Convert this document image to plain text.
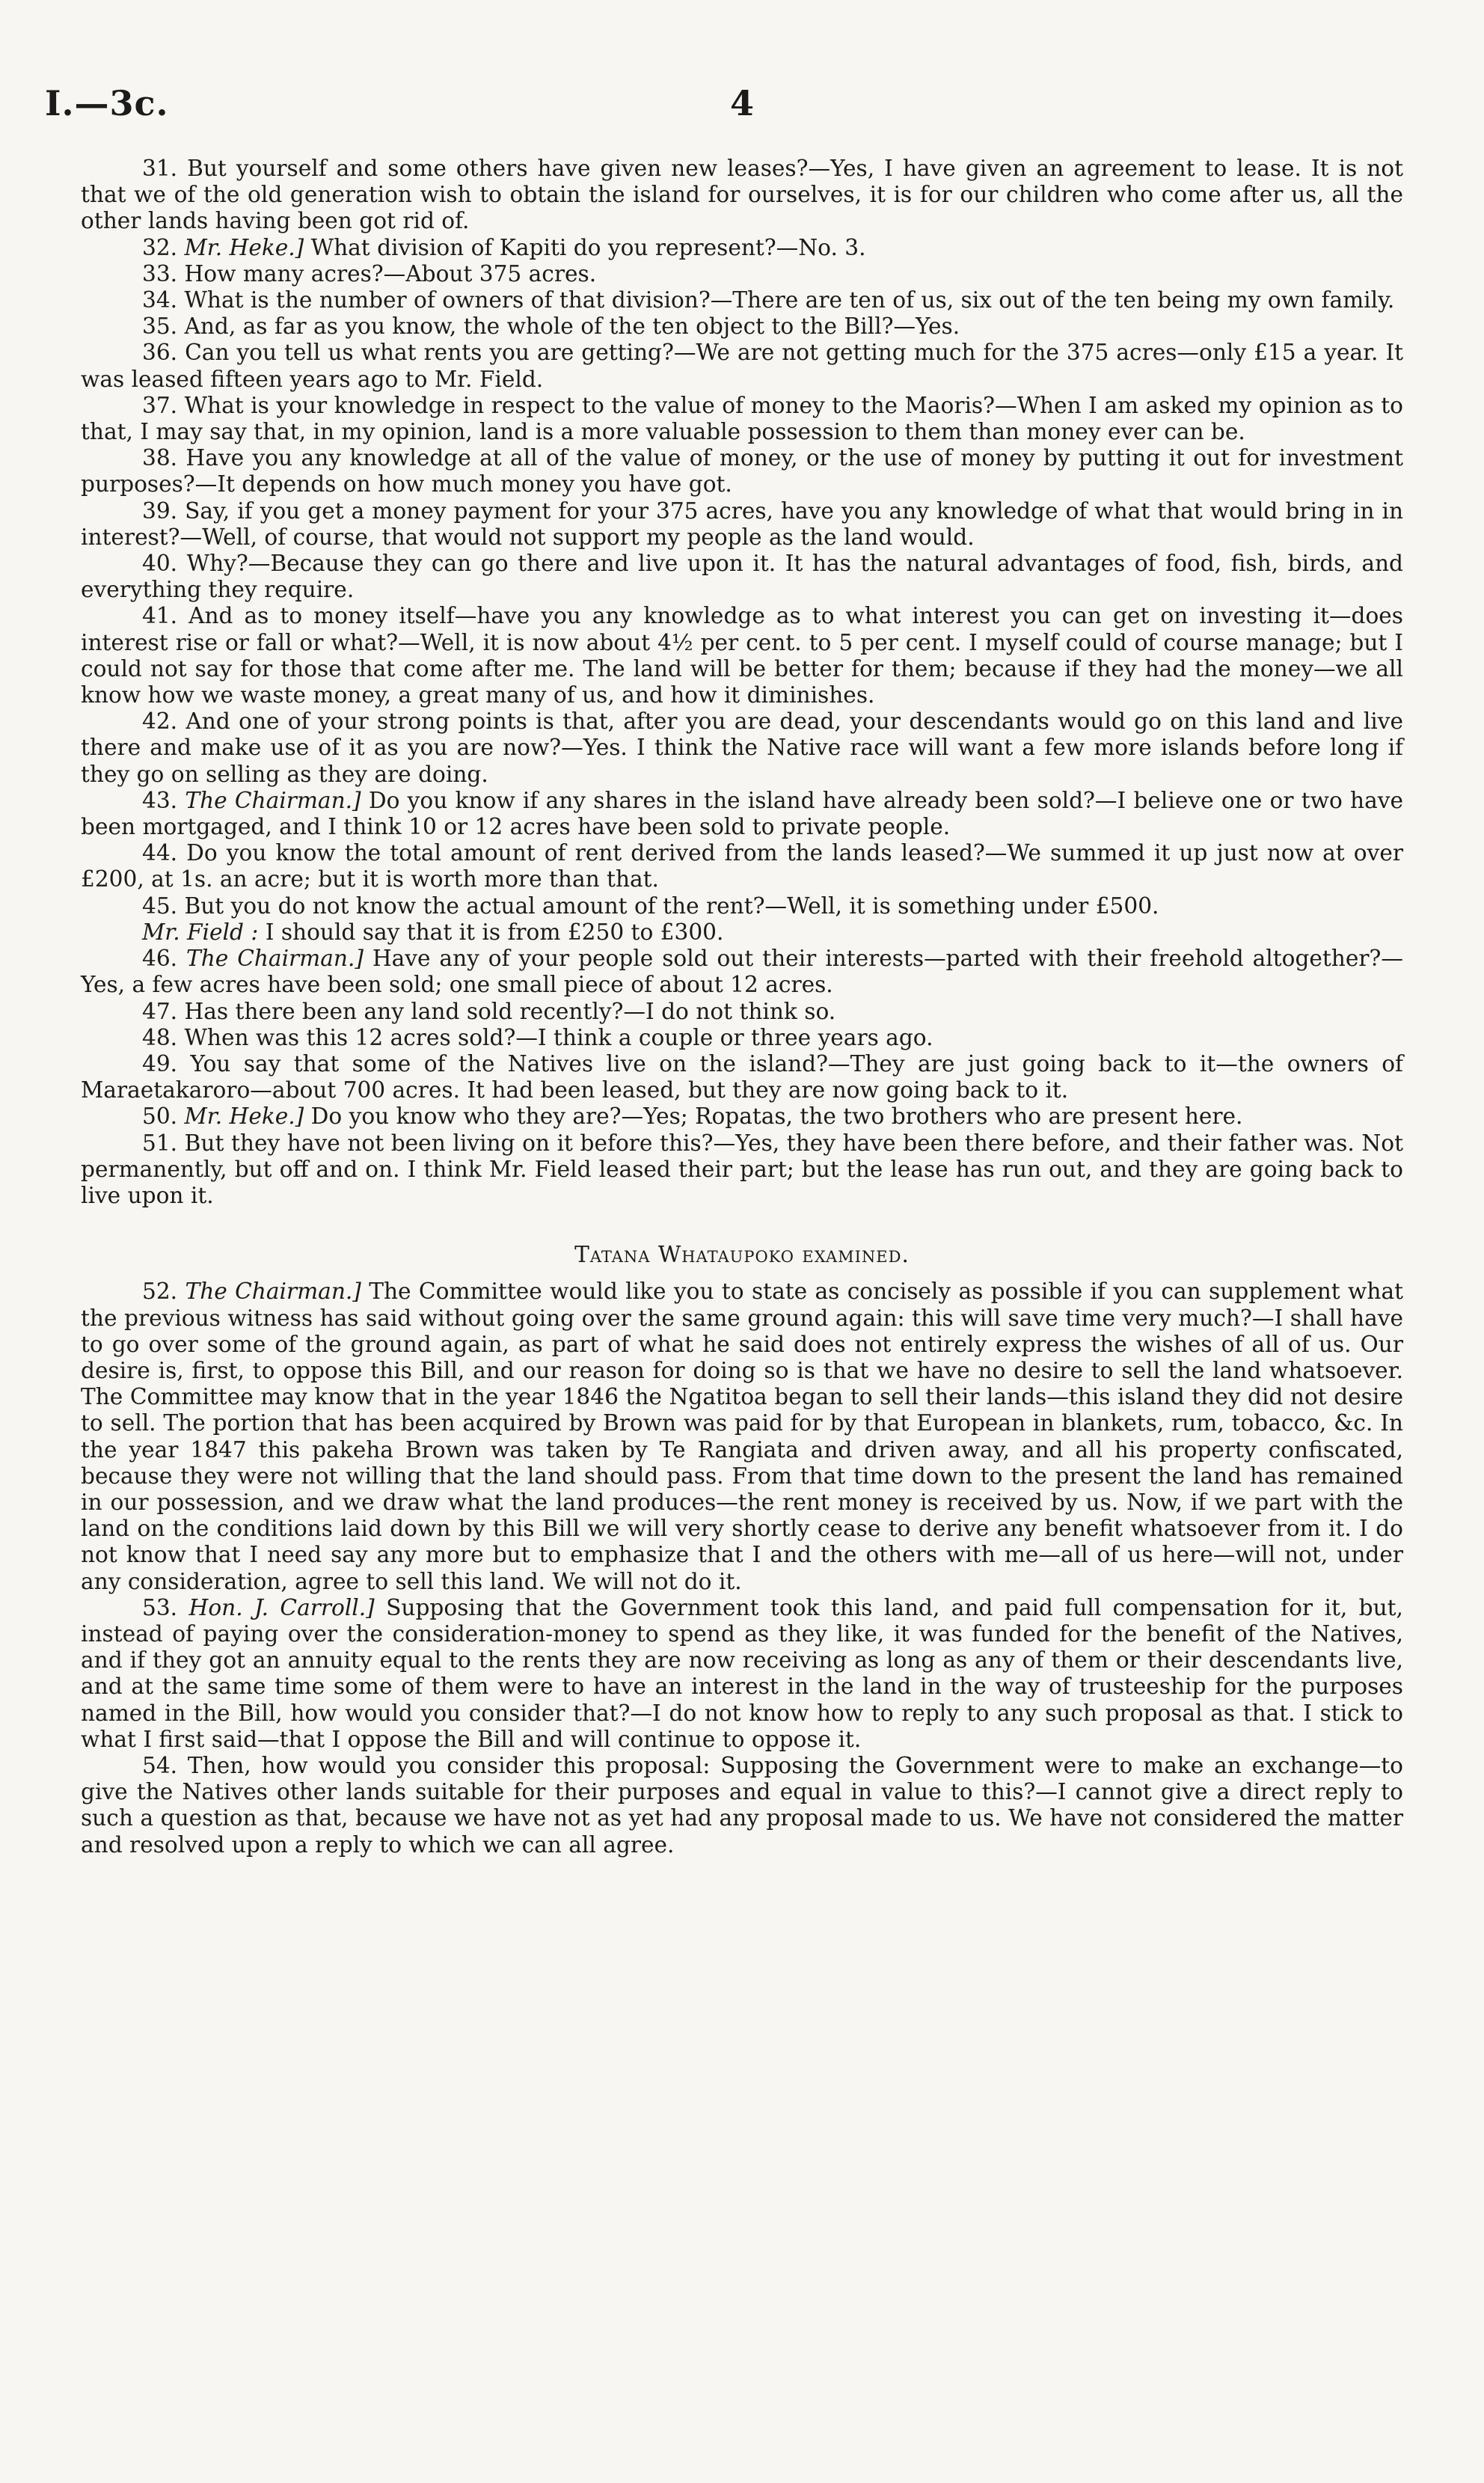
I.—3c.	4

31. But yourself and some others have given new leases?—Yes, I have given an agreement to lease. It is not that we of the old generation wish to obtain the island for ourselves, it is for our children who come after us, all the other lands having been got rid of.

32. Mr. Heke.] What division of Kapiti do you represent?—No. 3.

33. How many acres?—About 375 acres.

34. What is the number of owners of that division?—There are ten of us, six out of the ten being my own family.

35. And, as far as you know, the whole of the ten object to the Bill?—Yes.

36. Can you tell us what rents you are getting?—We are not getting much for the 375 acres—only £15 a year. It was leased fifteen years ago to Mr. Field.

37. What is your knowledge in respect to the value of money to the Maoris?—When I am asked my opinion as to that, I may say that, in my opinion, land is a more valuable possession to them than money ever can be.

38. Have you any knowledge at all of the value of money, or the use of money by putting it out for investment purposes?—It depends on how much money you have got.

39. Say, if you get a money payment for your 375 acres, have you any knowledge of what that would bring in in interest?—Well, of course, that would not support my people as the land would.

40. Why?—Because they can go there and live upon it. It has the natural advantages of food, fish, birds, and everything they require.

41. And as to money itself—have you any knowledge as to what interest you can get on investing it—does interest rise or fall or what?—Well, it is now about 4½ per cent. to 5 per cent. I myself could of course manage; but I could not say for those that come after me. The land will be better for them; because if they had the money—we all know how we waste money, a great many of us, and how it diminishes.

42. And one of your strong points is that, after you are dead, your descendants would go on this land and live there and make use of it as you are now?—Yes. I think the Native race will want a few more islands before long if they go on selling as they are doing.

43. The Chairman.] Do you know if any shares in the island have already been sold?—I believe one or two have been mortgaged, and I think 10 or 12 acres have been sold to private people.

44. Do you know the total amount of rent derived from the lands leased?—We summed it up just now at over £200, at 1s. an acre; but it is worth more than that.

45. But you do not know the actual amount of the rent?—Well, it is something under £500.

Mr. Field : I should say that it is from £250 to £300.

46. The Chairman.] Have any of your people sold out their interests—parted with their freehold altogether?—Yes, a few acres have been sold; one small piece of about 12 acres.

47. Has there been any land sold recently?—I do not think so.

48. When was this 12 acres sold?—I think a couple or three years ago.

49. You say that some of the Natives live on the island?—They are just going back to it—the owners of Maraetakaroro—about 700 acres. It had been leased, but they are now going back to it.

50. Mr. Heke.] Do you know who they are?—Yes; Ropatas, the two brothers who are present here.

51. But they have not been living on it before this?—Yes, they have been there before, and their father was. Not permanently, but off and on. I think Mr. Field leased their part; but the lease has run out, and they are going back to live upon it.

Tatana Whataupoko examined.

52. The Chairman.] The Committee would like you to state as concisely as possible if you can supplement what the previous witness has said without going over the same ground again: this will save time very much?—I shall have to go over some of the ground again, as part of what he said does not entirely express the wishes of all of us. Our desire is, first, to oppose this Bill, and our reason for doing so is that we have no desire to sell the land whatsoever. The Committee may know that in the year 1846 the Ngatitoa began to sell their lands—this island they did not desire to sell. The portion that has been acquired by Brown was paid for by that European in blankets, rum, tobacco, &c. In the year 1847 this pakeha Brown was taken by Te Rangiata and driven away, and all his property confiscated, because they were not willing that the land should pass. From that time down to the present the land has remained in our possession, and we draw what the land produces—the rent money is received by us. Now, if we part with the land on the conditions laid down by this Bill we will very shortly cease to derive any benefit whatsoever from it. I do not know that I need say any more but to emphasize that I and the others with me—all of us here—will not, under any consideration, agree to sell this land. We will not do it.

53. Hon. J. Carroll.] Supposing that the Government took this land, and paid full compensation for it, but, instead of paying over the consideration-money to spend as they like, it was funded for the benefit of the Natives, and if they got an annuity equal to the rents they are now receiving as long as any of them or their descendants live, and at the same time some of them were to have an interest in the land in the way of trusteeship for the purposes named in the Bill, how would you consider that?—I do not know how to reply to any such proposal as that. I stick to what I first said—that I oppose the Bill and will continue to oppose it.

54. Then, how would you consider this proposal: Supposing the Government were to make an exchange—to give the Natives other lands suitable for their purposes and equal in value to this?—I cannot give a direct reply to such a question as that, because we have not as yet had any proposal made to us. We have not considered the matter and resolved upon a reply to which we can all agree.
